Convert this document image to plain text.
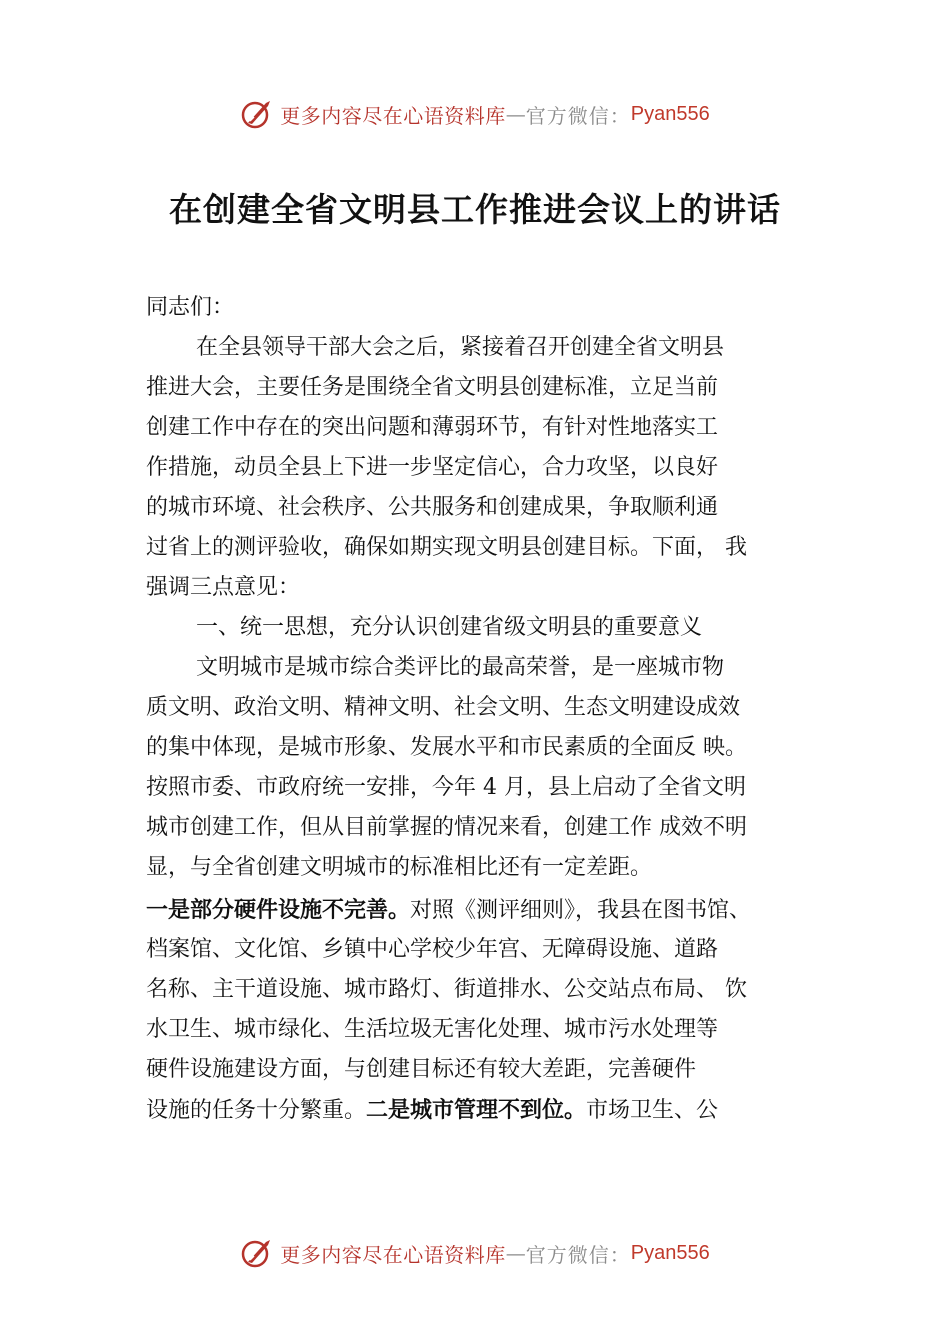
更多内容尽在心语资料库 — 官方微信： Pyan556
在创建全省文明县工作推进会议上的讲话
同志们：
在全县领导干部大会之后，紧接着召开创建全省文明县
推进大会，主要任务是围绕全省文明县创建标准，立足当前
创建工作中存在的突出问题和薄弱环节，有针对性地落实工
作措施，动员全县上下进一步坚定信心，合力攻坚，以良好
的城市环境、社会秩序、公共服务和创建成果，争取顺利通
过省上的测评验收，确保如期实现文明县创建目标。下面， 我
强调三点意见：
一、统一思想，充分认识创建省级文明县的重要意义
文明城市是城市综合类评比的最高荣誉，是一座城市物
质文明、政治文明、精神文明、社会文明、生态文明建设成效
的集中体现，是城市形象、发展水平和市民素质的全面反 映。
按照市委、市政府统一安排，今年 4 月，县上启动了全省文明
城市创建工作，但从目前掌握的情况来看，创建工作 成效不明
显，与全省创建文明城市的标准相比还有一定差距。
一是部分硬件设施不完善。对照《测评细则》，我县在图书馆、
档案馆、文化馆、乡镇中心学校少年宫、无障碍设施、道路
名称、主干道设施、城市路灯、街道排水、公交站点布局、 饮
水卫生、城市绿化、生活垃圾无害化处理、城市污水处理等
硬件设施建设方面，与创建目标还有较大差距，完善硬件
设施的任务十分繁重。二是城市管理不到位。市场卫生、公
更多内容尽在心语资料库 — 官方微信： Pyan556
